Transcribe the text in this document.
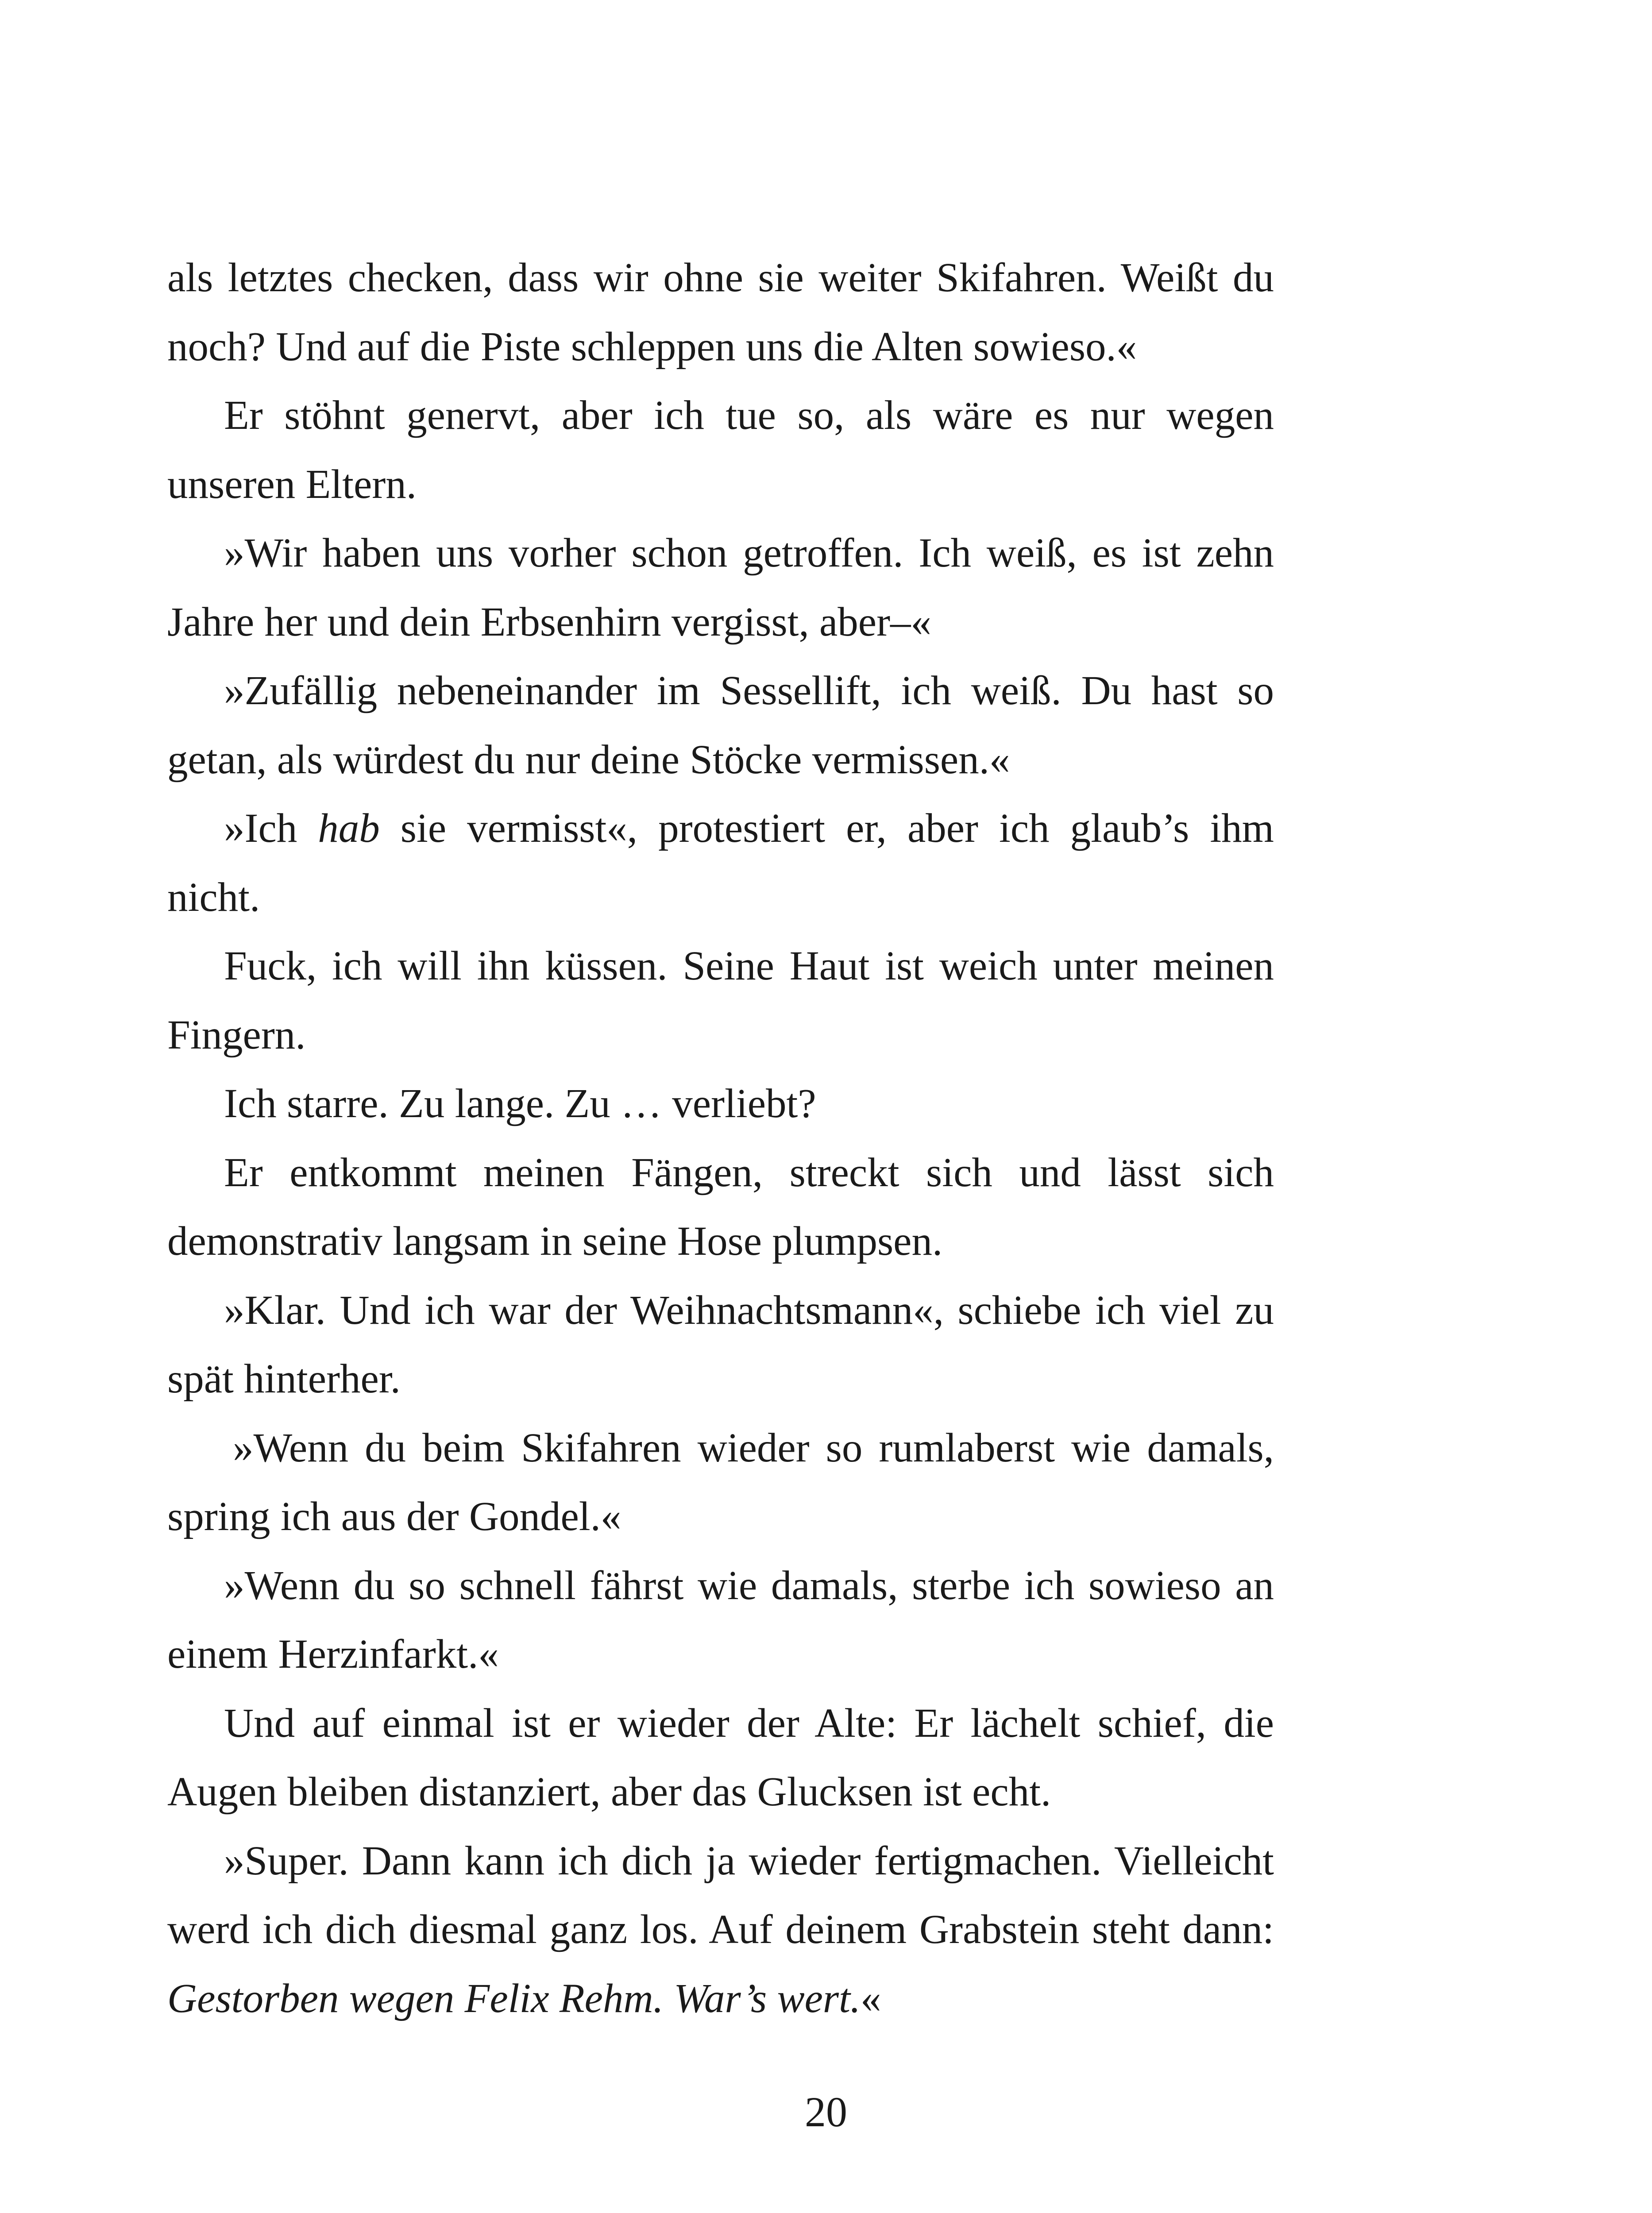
als letztes checken, dass wir ohne sie weiter Skifahren. Weißt du noch? Und auf die Piste schleppen uns die Alten sowieso.«

Er stöhnt genervt, aber ich tue so, als wäre es nur wegen unseren Eltern.

»Wir haben uns vorher schon getroffen. Ich weiß, es ist zehn Jahre her und dein Erbsenhirn vergisst, aber–«

»Zufällig nebeneinander im Sessellift, ich weiß. Du hast so getan, als würdest du nur deine Stöcke vermissen.«

»Ich hab sie vermisst«, protestiert er, aber ich glaub’s ihm nicht.

Fuck, ich will ihn küssen. Seine Haut ist weich unter meinen Fingern.

Ich starre. Zu lange. Zu … verliebt?

Er entkommt meinen Fängen, streckt sich und lässt sich demonstrativ langsam in seine Hose plumpsen.

»Klar. Und ich war der Weihnachtsmann«, schiebe ich viel zu spät hinterher.

»Wenn du beim Skifahren wieder so rumlaberst wie damals, spring ich aus der Gondel.«

»Wenn du so schnell fährst wie damals, sterbe ich sowieso an einem Herzinfarkt.«

Und auf einmal ist er wieder der Alte: Er lächelt schief, die Augen bleiben distanziert, aber das Glucksen ist echt.

»Super. Dann kann ich dich ja wieder fertigmachen. Vielleicht werd ich dich diesmal ganz los. Auf deinem Grabstein steht dann: Gestorben wegen Felix Rehm. War’s wert.«

20
